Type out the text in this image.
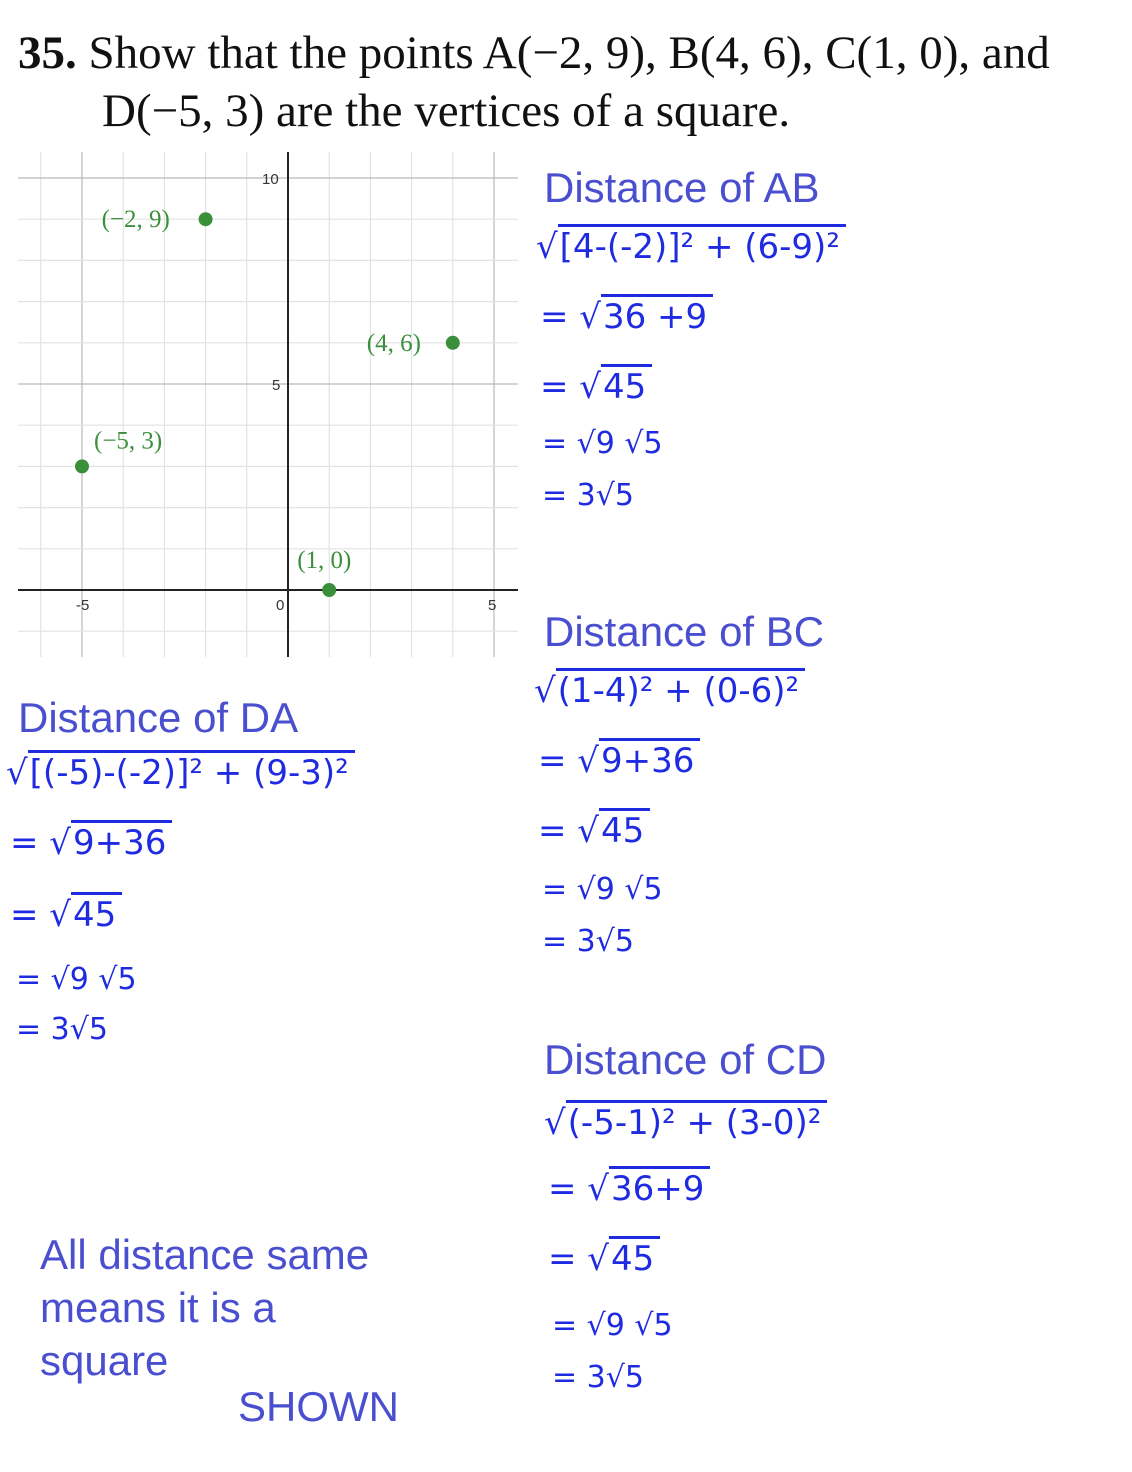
35. Show that the points A(−2, 9), B(4, 6), C(1, 0), and
D(−5, 3) are the vertices of a square.
-5	0	5
5
10
(−2, 9)
(4, 6)
(−5, 3)
(1, 0)
Distance of AB
√[4-(-2)]² + (6-9)²
= √36 +9
= √45
= √9 √5
= 3√5
Distance of BC
√(1-4)² + (0-6)²
= √9+36
= √45
= √9 √5
= 3√5
Distance of CD
√(-5-1)² + (3-0)²
= √36+9
= √45
= √9 √5
= 3√5
Distance of DA
√[(-5)-(-2)]² + (9-3)²
= √9+36
= √45
= √9 √5
= 3√5
All distance same
means it is a
square
SHOWN
